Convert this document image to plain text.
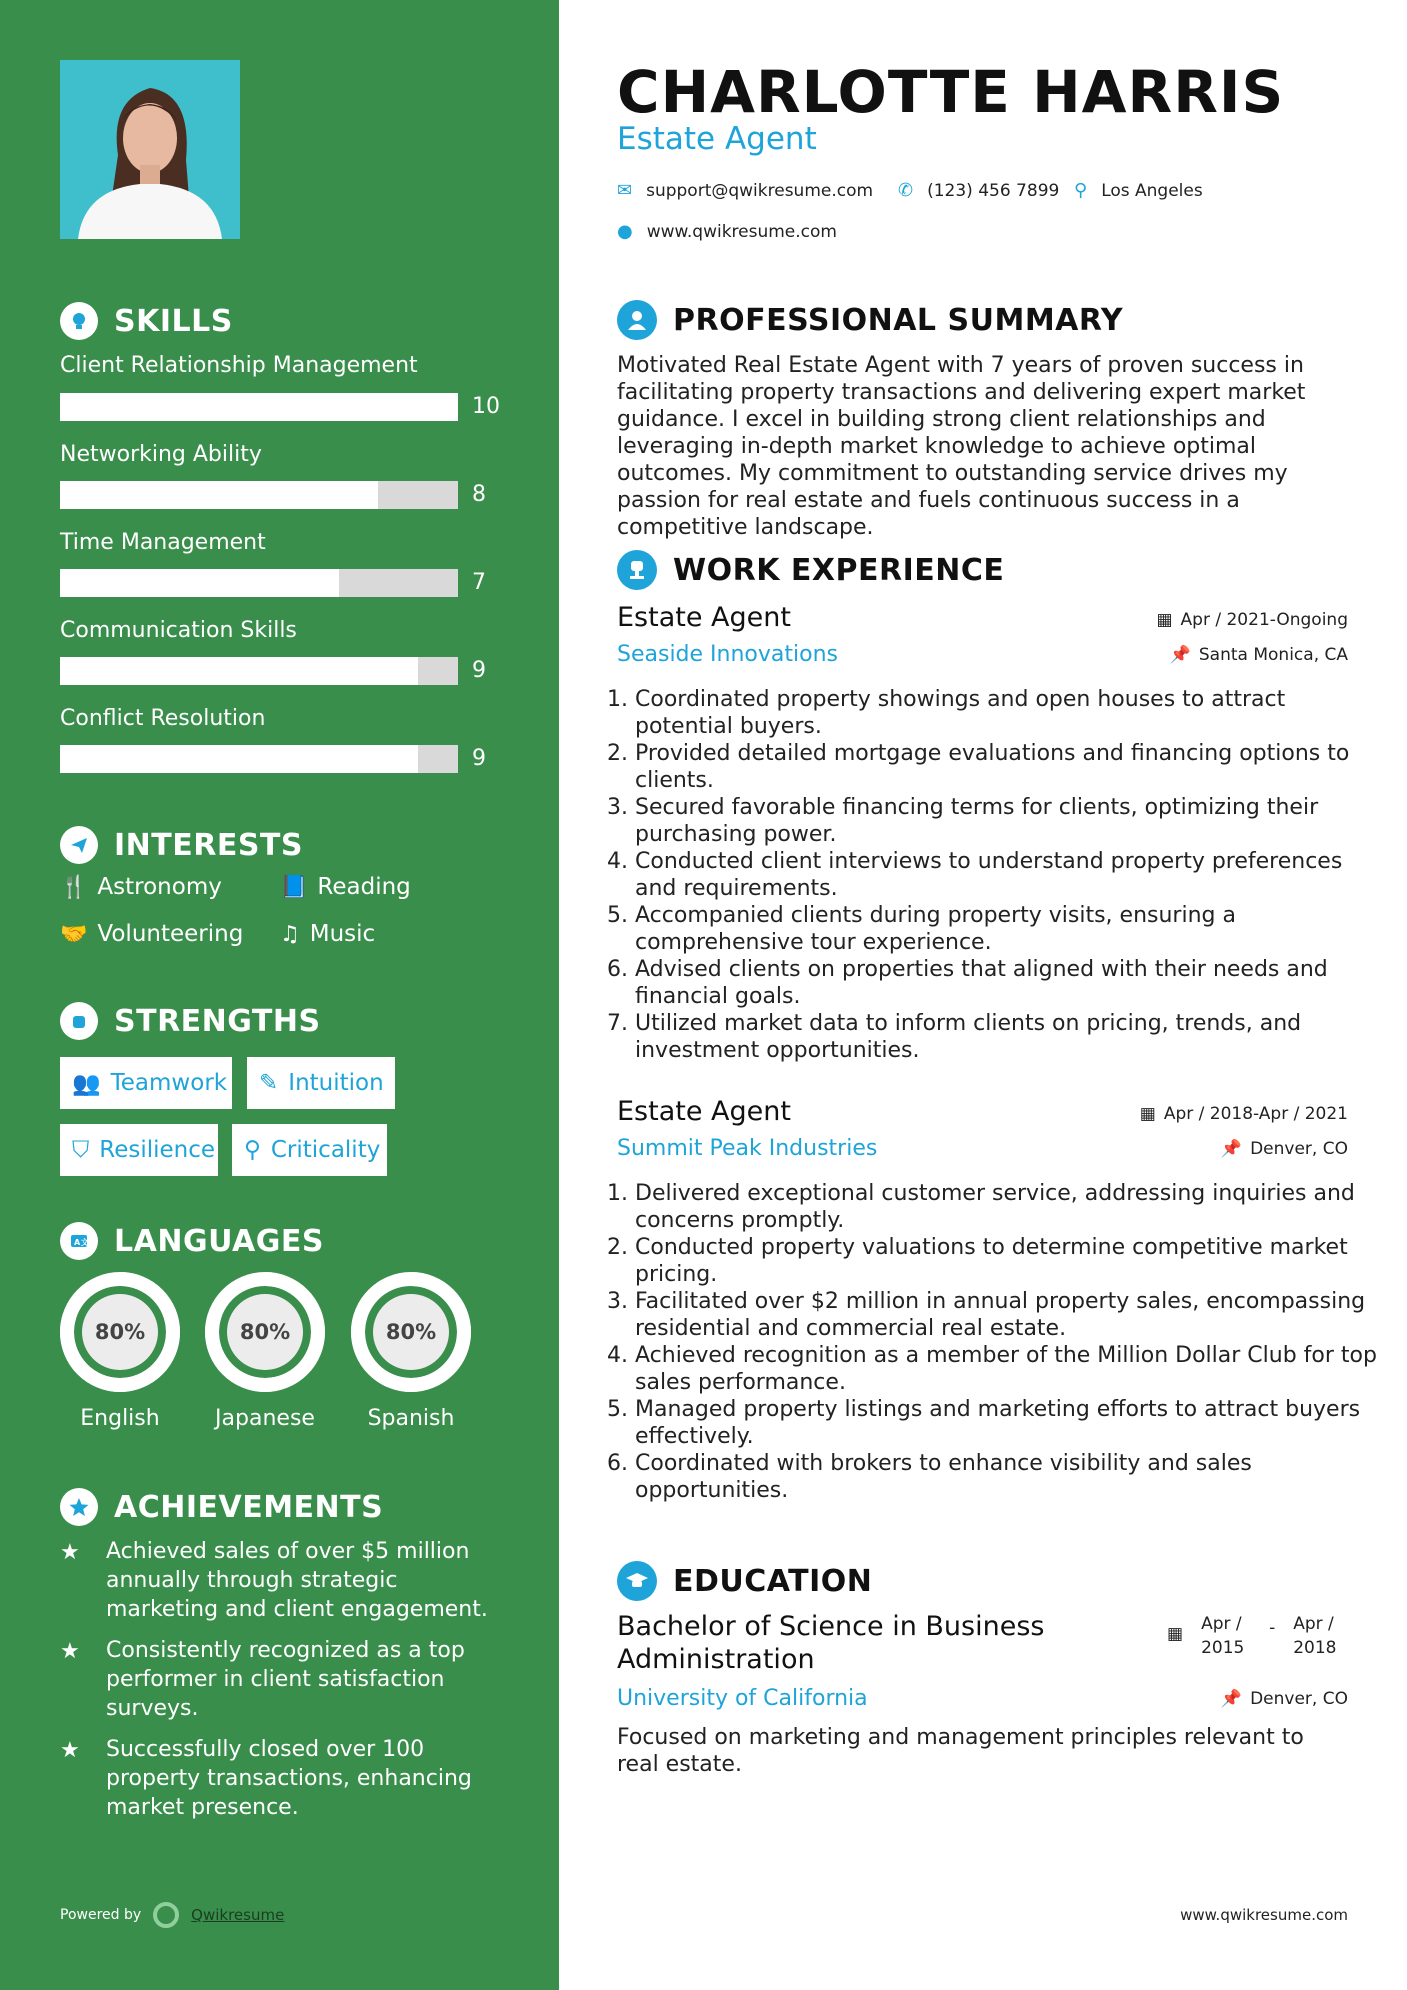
SKILLS
Client Relationship Management
10
Networking Ability
8
Time Management
7
Communication Skills
9
Conflict Resolution
9
INTERESTS
🍴 Astronomy	📘 Reading
🤝 Volunteering ♫ Music
STRENGTHS
👥 Teamwork ✎ Intuition
⛉ Resilience ⚲ Criticality
A文 LANGUAGES
80%
English
80%
Japanese
80%
Spanish
ACHIEVEMENTS
★	Achieved sales of over $5 million annually through strategic marketing and client engagement.
★	Consistently recognized as a top performer in client satisfaction surveys.
★	Successfully closed over 100 property transactions, enhancing market presence.
Powered by	Qwikresume
CHARLOTTE HARRIS
Estate Agent
✉ support@qwikresume.com ✆ (123) 456 7899 ⚲ Los Angeles
● www.qwikresume.com
PROFESSIONAL SUMMARY
Motivated Real Estate Agent with 7 years of proven success in facilitating property transactions and delivering expert market guidance. I excel in building strong client relationships and leveraging in-depth market knowledge to achieve optimal outcomes. My commitment to outstanding service drives my passion for real estate and fuels continuous success in a competitive landscape.
WORK EXPERIENCE
Estate Agent	▦ Apr / 2021-Ongoing
Seaside Innovations	📌 Santa Monica, CA
1. Coordinated property showings and open houses to attract potential buyers.
2. Provided detailed mortgage evaluations and financing options to clients.
3. Secured favorable financing terms for clients, optimizing their purchasing power.
4. Conducted client interviews to understand property preferences and requirements.
5. Accompanied clients during property visits, ensuring a comprehensive tour experience.
6. Advised clients on properties that aligned with their needs and financial goals.
7. Utilized market data to inform clients on pricing, trends, and investment opportunities.
Estate Agent	▦ Apr / 2018-Apr / 2021
Summit Peak Industries	📌 Denver, CO
1. Delivered exceptional customer service, addressing inquiries and concerns promptly.
2. Conducted property valuations to determine competitive market pricing.
3. Facilitated over $2 million in annual property sales, encompassing residential and commercial real estate.
4. Achieved recognition as a member of the Million Dollar Club for top sales performance.
5. Managed property listings and marketing efforts to attract buyers effectively.
6. Coordinated with brokers to enhance visibility and sales opportunities.
EDUCATION
Bachelor of Science in Business Administration
▦ Apr / 2015
- Apr / 2018
University of California	📌 Denver, CO
Focused on marketing and management principles relevant to real estate.
www.qwikresume.com
